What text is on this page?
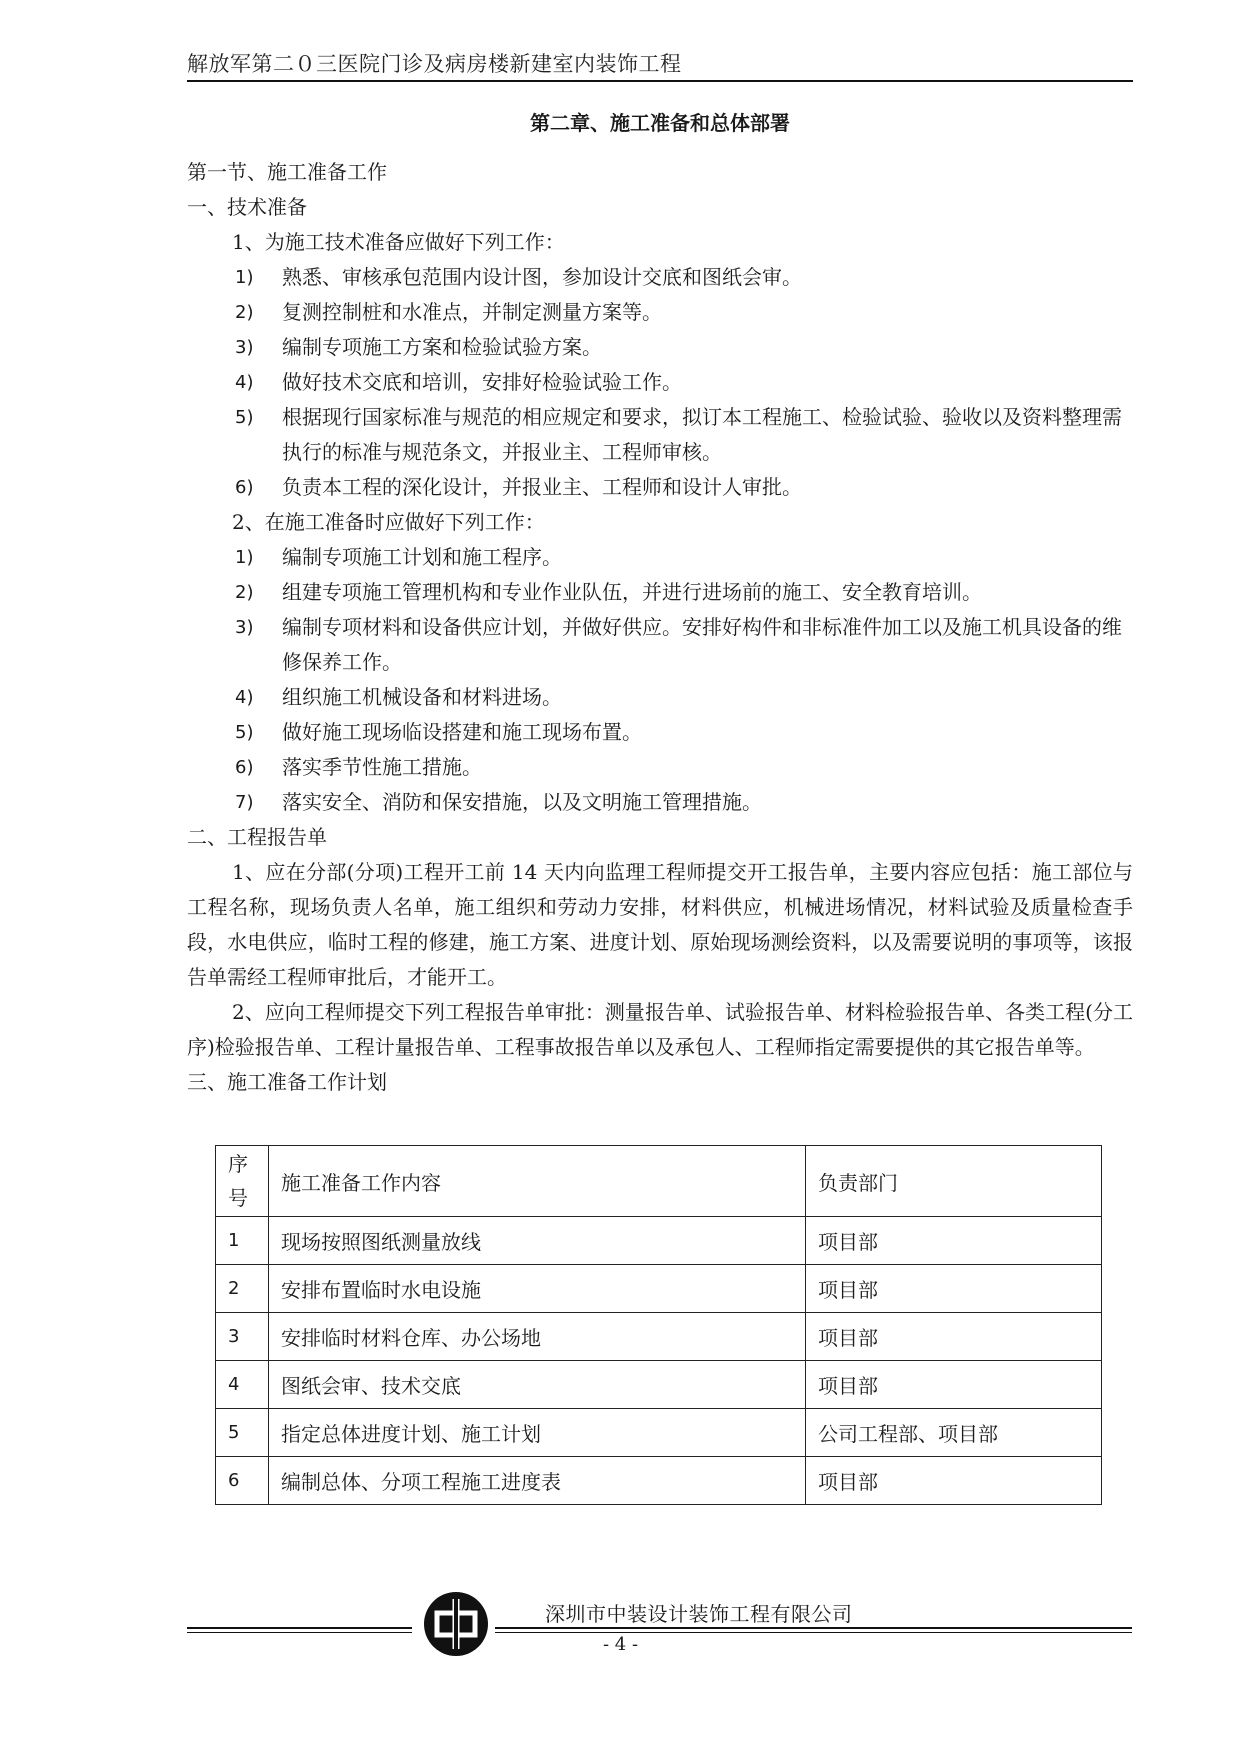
解放军第二０三医院门诊及病房楼新建室内装饰工程
第二章、施工准备和总体部署
第一节、施工准备工作
一、技术准备
1、为施工技术准备应做好下列工作：
1)	熟悉、审核承包范围内设计图，参加设计交底和图纸会审。
2)	复测控制桩和水准点，并制定测量方案等。
3)	编制专项施工方案和检验试验方案。
4)	做好技术交底和培训，安排好检验试验工作。
5)	根据现行国家标准与规范的相应规定和要求，拟订本工程施工、检验试验、验收以及资料整理需执行的标准与规范条文，并报业主、工程师审核。
6)	负责本工程的深化设计，并报业主、工程师和设计人审批。
2、在施工准备时应做好下列工作：
1)	编制专项施工计划和施工程序。
2)	组建专项施工管理机构和专业作业队伍，并进行进场前的施工、安全教育培训。
3)	编制专项材料和设备供应计划，并做好供应。安排好构件和非标准件加工以及施工机具设备的维修保养工作。
4)	组织施工机械设备和材料进场。
5)	做好施工现场临设搭建和施工现场布置。
6)	落实季节性施工措施。
7)	落实安全、消防和保安措施，以及文明施工管理措施。
二、工程报告单
1、应在分部(分项)工程开工前 14 天内向监理工程师提交开工报告单，主要内容应包括：施工部位与工程名称，现场负责人名单，施工组织和劳动力安排，材料供应，机械进场情况，材料试验及质量检查手段，水电供应，临时工程的修建，施工方案、进度计划、原始现场测绘资料，以及需要说明的事项等，该报告单需经工程师审批后，才能开工。
2、应向工程师提交下列工程报告单审批：测量报告单、试验报告单、材料检验报告单、各类工程(分工序)检验报告单、工程计量报告单、工程事故报告单以及承包人、工程师指定需要提供的其它报告单等。
三、施工准备工作计划
序号	施工准备工作内容	负责部门
1	现场按照图纸测量放线	项目部
2	安排布置临时水电设施	项目部
3	安排临时材料仓库、办公场地	项目部
4	图纸会审、技术交底	项目部
5	指定总体进度计划、施工计划	公司工程部、项目部
6	编制总体、分项工程施工进度表	项目部
深圳市中装设计装饰工程有限公司
- 4 -
